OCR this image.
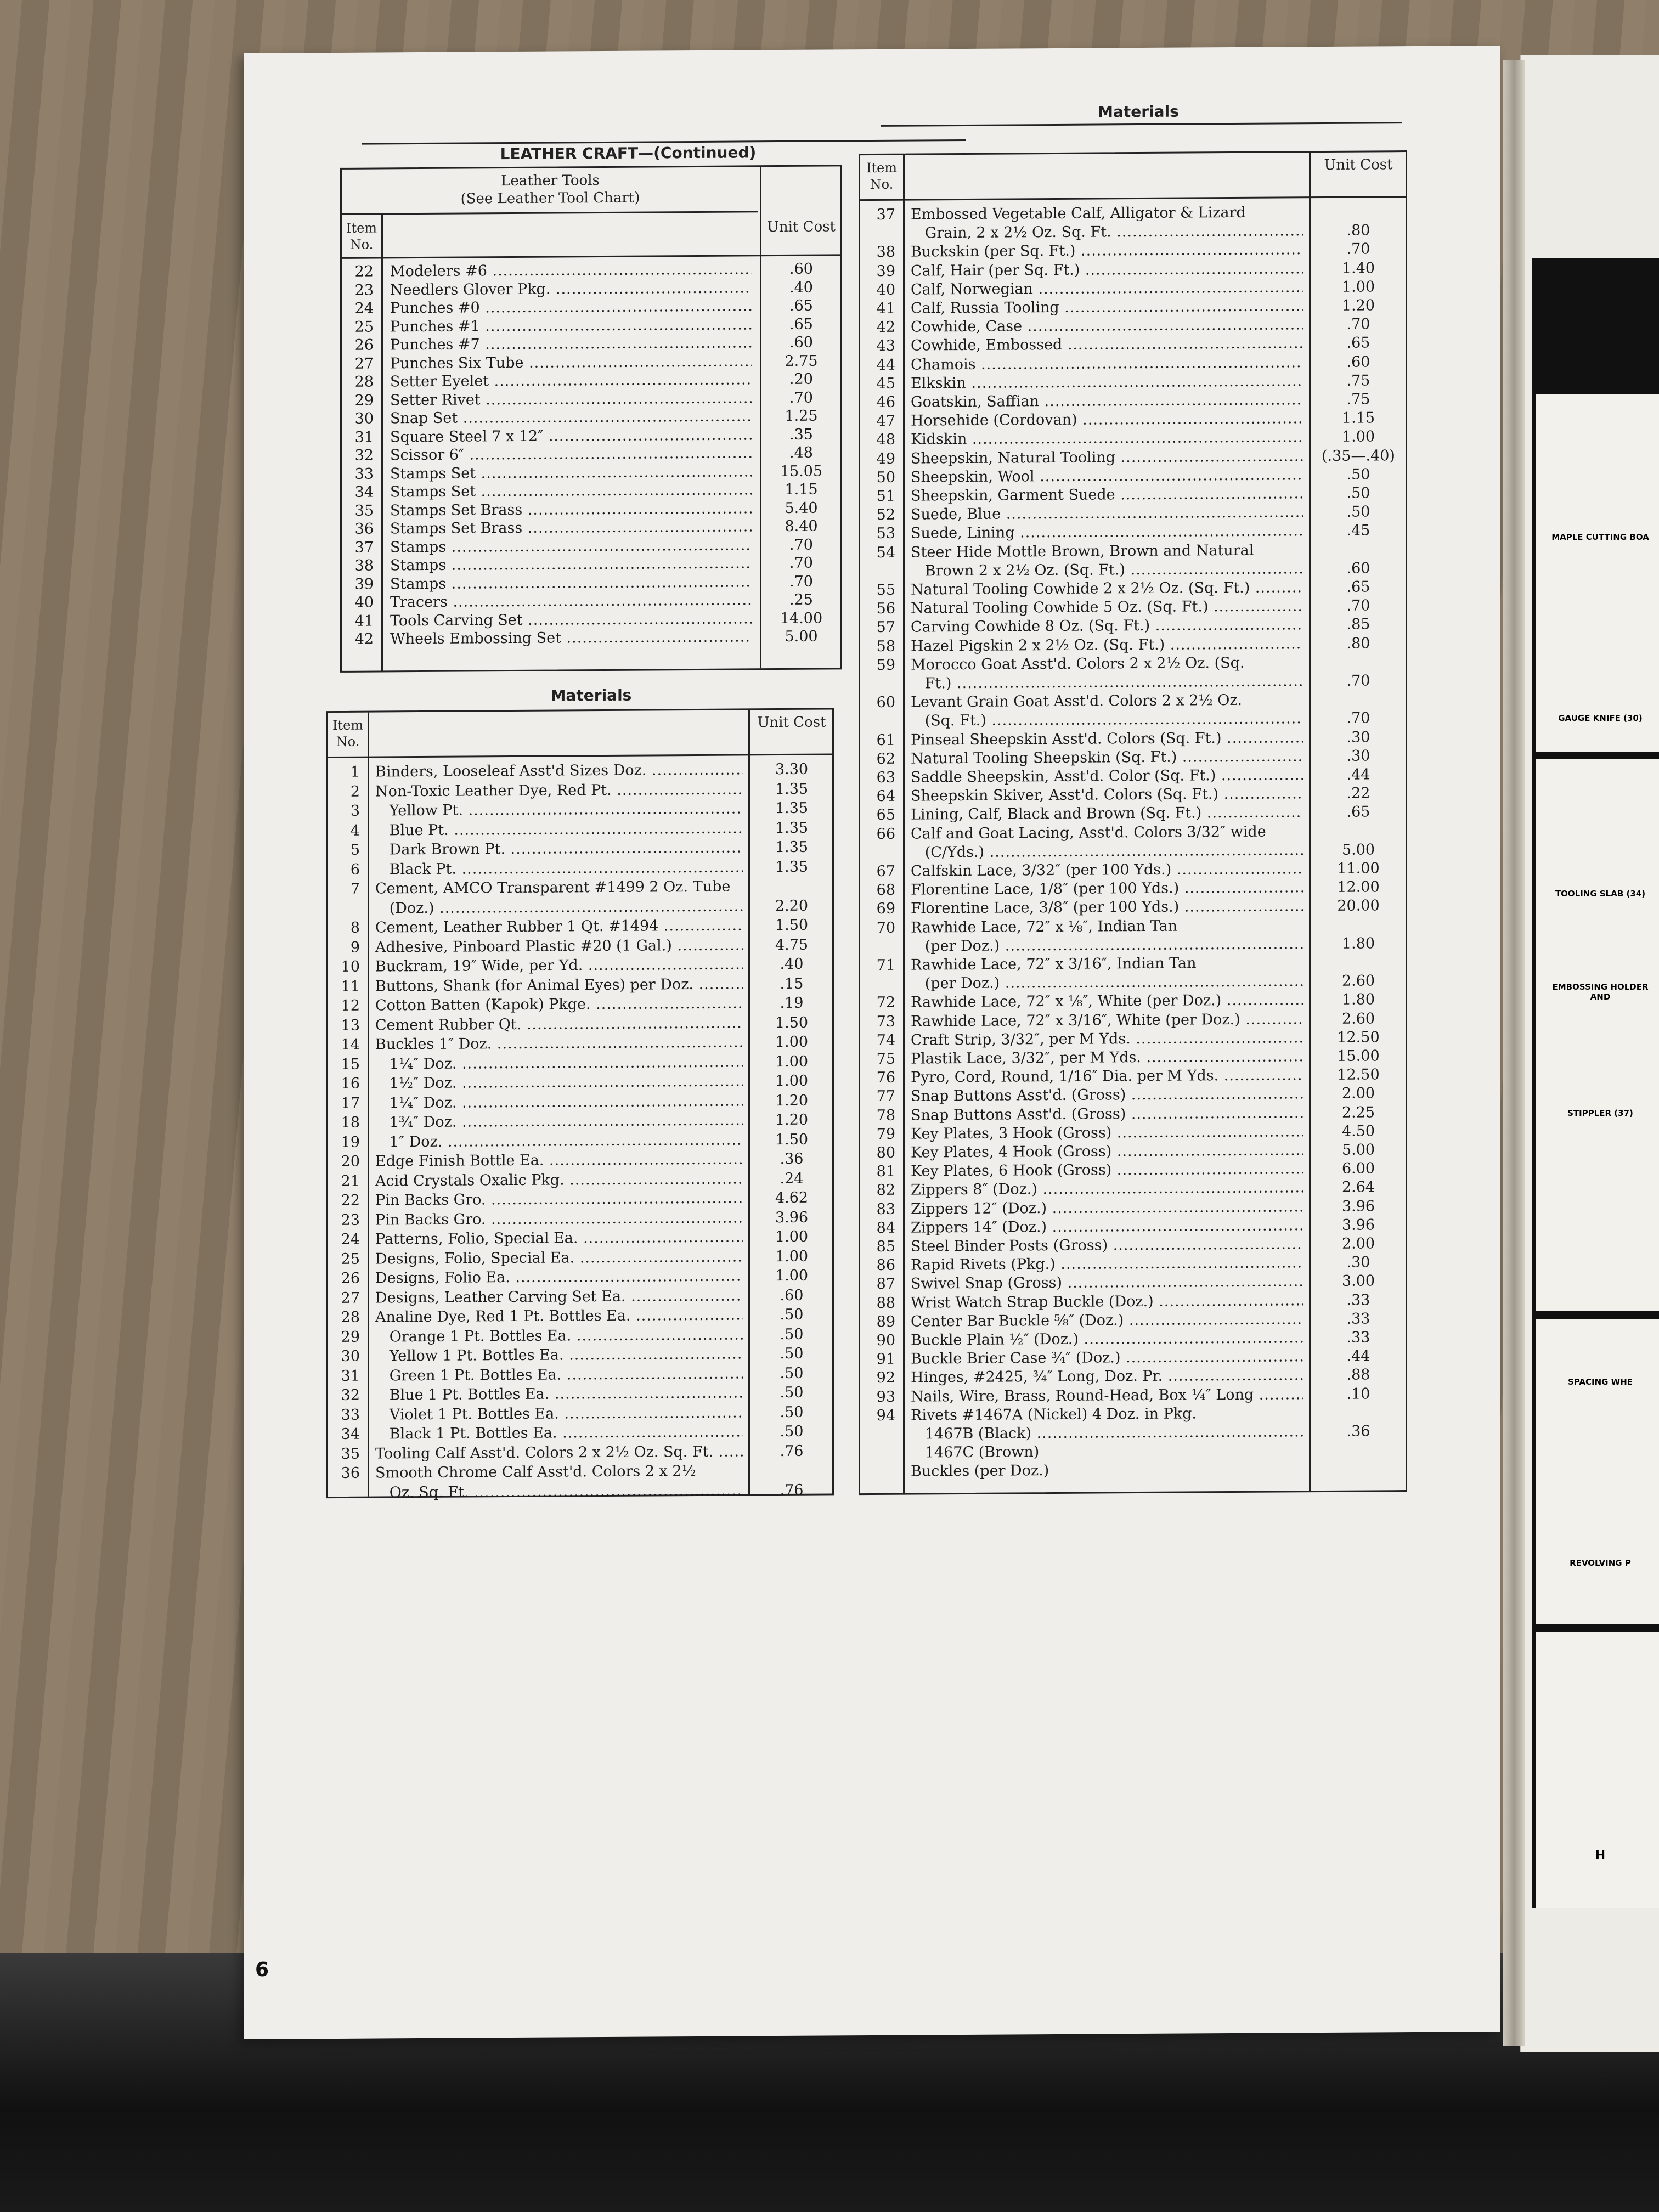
MAPLE CUTTING BOA
GAUGE KNIFE (30)
TOOLING SLAB (34)
EMBOSSING HOLDER AND
STIPPLER (37)
SPACING WHE
REVOLVING P
H
LEATHER CRAFT—(Continued)
Leather Tools
(See Leather Tool Chart)
Item No.
Unit Cost
22 Modelers #6 .....	.60
23 Needlers Glover Pkg. .....	.40
24 Punches #0 .....	.65
25 Punches #1 .....	.65
26 Punches #7 .....	.60
27 Punches Six Tube .....	2.75
28 Setter Eyelet .....	.20
29 Setter Rivet .....	.70
30 Snap Set .....	1.25
31 Square Steel 7 x 12″ .....	.35
32 Scissor 6″ .....	.48
33 Stamps Set .....	15.05
34 Stamps Set .....	1.15
35 Stamps Set Brass .....	5.40
36 Stamps Set Brass .....	8.40
37 Stamps .....	.70
38 Stamps .....	.70
39 Stamps .....	.70
40 Tracers .....	.25
41 Tools Carving Set .....	14.00
42 Wheels Embossing Set .....	5.00
Materials
Item No.
Unit Cost
1 Binders, Looseleaf Asst'd Sizes Doz. .....	3.30
2 Non-Toxic Leather Dye, Red Pt. .....	1.35
3 Yellow Pt. .....	1.35
4 Blue Pt. .....	1.35
5 Dark Brown Pt. .....	1.35
6 Black Pt. .....	1.35
7 Cement, AMCO Transparent #1499 2 Oz. Tube
(Doz.) .....	2.20
8 Cement, Leather Rubber 1 Qt. #1494 .....	1.50
9 Adhesive, Pinboard Plastic #20 (1 Gal.) .....	4.75
10 Buckram, 19″ Wide, per Yd. .....	.40
11 Buttons, Shank (for Animal Eyes) per Doz. .....	.15
12 Cotton Batten (Kapok) Pkge. .....	.19
13 Cement Rubber Qt. .....	1.50
14 Buckles 1″ Doz. .....	1.00
15 1¼″ Doz. .....	1.00
16 1½″ Doz. .....	1.00
17 1¼″ Doz. .....	1.20
18 1¾″ Doz. .....	1.20
19 1″ Doz. .....	1.50
20 Edge Finish Bottle Ea. .....	.36
21 Acid Crystals Oxalic Pkg. .....	.24
22 Pin Backs Gro. .....	4.62
23 Pin Backs Gro. .....	3.96
24 Patterns, Folio, Special Ea. .....	1.00
25 Designs, Folio, Special Ea. .....	1.00
26 Designs, Folio Ea. .....	1.00
27 Designs, Leather Carving Set Ea. .....	.60
28 Analine Dye, Red 1 Pt. Bottles Ea. .....	.50
29 Orange 1 Pt. Bottles Ea. .....	.50
30 Yellow 1 Pt. Bottles Ea. .....	.50
31 Green 1 Pt. Bottles Ea. .....	.50
32 Blue 1 Pt. Bottles Ea. .....	.50
33 Violet 1 Pt. Bottles Ea. .....	.50
34 Black 1 Pt. Bottles Ea. .....	.50
35 Tooling Calf Asst'd. Colors 2 x 2½ Oz. Sq. Ft. .....	.76
36 Smooth Chrome Calf Asst'd. Colors 2 x 2½
Oz. Sq. Ft. .....	.76
Materials
Item No.
Unit Cost
37 Embossed Vegetable Calf, Alligator & Lizard
Grain, 2 x 2½ Oz. Sq. Ft. .....	.80
38 Buckskin (per Sq. Ft.) .....	.70
39 Calf, Hair (per Sq. Ft.) .....	1.40
40 Calf, Norwegian .....	1.00
41 Calf, Russia Tooling .....	1.20
42 Cowhide, Case .....	.70
43 Cowhide, Embossed .....	.65
44 Chamois .....	.60
45 Elkskin .....	.75
46 Goatskin, Saffian .....	.75
47 Horsehide (Cordovan) .....	1.15
48 Kidskin .....	1.00
49 Sheepskin, Natural Tooling .....	(.35—.40)
50 Sheepskin, Wool .....	.50
51 Sheepskin, Garment Suede .....	.50
52 Suede, Blue .....	.50
53 Suede, Lining .....	.45
54 Steer Hide Mottle Brown, Brown and Natural
Brown 2 x 2½ Oz. (Sq. Ft.) .....	.60
55 Natural Tooling Cowhide 2 x 2½ Oz. (Sq. Ft.) .....	.65
56 Natural Tooling Cowhide 5 Oz. (Sq. Ft.) .....	.70
57 Carving Cowhide 8 Oz. (Sq. Ft.) .....	.85
58 Hazel Pigskin 2 x 2½ Oz. (Sq. Ft.) .....	.80
59 Morocco Goat Asst'd. Colors 2 x 2½ Oz. (Sq.
Ft.) .....	.70
60 Levant Grain Goat Asst'd. Colors 2 x 2½ Oz.
(Sq. Ft.) .....	.70
61 Pinseal Sheepskin Asst'd. Colors (Sq. Ft.) .....	.30
62 Natural Tooling Sheepskin (Sq. Ft.) .....	.30
63 Saddle Sheepskin, Asst'd. Color (Sq. Ft.) .....	.44
64 Sheepskin Skiver, Asst'd. Colors (Sq. Ft.) .....	.22
65 Lining, Calf, Black and Brown (Sq. Ft.) .....	.65
66 Calf and Goat Lacing, Asst'd. Colors 3/32″ wide
(C/Yds.) .....	5.00
67 Calfskin Lace, 3/32″ (per 100 Yds.) .....	11.00
68 Florentine Lace, 1/8″ (per 100 Yds.) .....	12.00
69 Florentine Lace, 3/8″ (per 100 Yds.) .....	20.00
70 Rawhide Lace, 72″ x ⅛″, Indian Tan
(per Doz.) .....	1.80
71 Rawhide Lace, 72″ x 3/16″, Indian Tan
(per Doz.) .....	2.60
72 Rawhide Lace, 72″ x ⅛″, White (per Doz.) .....	1.80
73 Rawhide Lace, 72″ x 3/16″, White (per Doz.) .....	2.60
74 Craft Strip, 3/32″, per M Yds. .....	12.50
75 Plastik Lace, 3/32″, per M Yds. .....	15.00
76 Pyro, Cord, Round, 1/16″ Dia. per M Yds. .....	12.50
77 Snap Buttons Asst'd. (Gross) .....	2.00
78 Snap Buttons Asst'd. (Gross) .....	2.25
79 Key Plates, 3 Hook (Gross) .....	4.50
80 Key Plates, 4 Hook (Gross) .....	5.00
81 Key Plates, 6 Hook (Gross) .....	6.00
82 Zippers 8″ (Doz.) .....	2.64
83 Zippers 12″ (Doz.) .....	3.96
84 Zippers 14″ (Doz.) .....	3.96
85 Steel Binder Posts (Gross) .....	2.00
86 Rapid Rivets (Pkg.) .....	.30
87 Swivel Snap (Gross) .....	3.00
88 Wrist Watch Strap Buckle (Doz.) .....	.33
89 Center Bar Buckle ⅝″ (Doz.) .....	.33
90 Buckle Plain ½″ (Doz.) .....	.33
91 Buckle Brier Case ¾″ (Doz.) .....	.44
92 Hinges, #2425, ¾″ Long, Doz. Pr. .....	.88
93 Nails, Wire, Brass, Round-Head, Box ¼″ Long .....	.10
94 Rivets #1467A (Nickel) 4 Doz. in Pkg.
1467B (Black) .....	.36
1467C (Brown)
Buckles (per Doz.)
6
